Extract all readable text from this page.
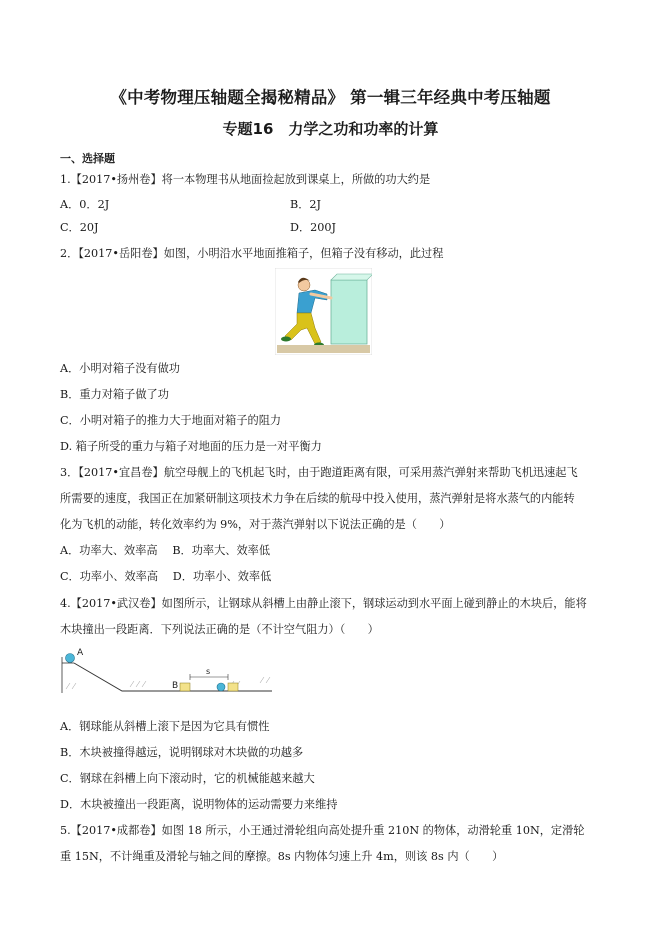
《中考物理压轴题全揭秘精品》 第一辑三年经典中考压轴题
专题16　力学之功和功率的计算
一、选择题
1.【2017•扬州卷】将一本物理书从地面捡起放到课桌上，所做的功大约是
A．0．2J	B．2J
C．20J	D．200J
2．【2017•岳阳卷】如图，小明沿水平地面推箱子，但箱子没有移动，此过程
A．小明对箱子没有做功
B．重力对箱子做了功
C．小明对箱子的推力大于地面对箱子的阻力
D. 箱子所受的重力与箱子对地面的压力是一对平衡力
3．【2017•宜昌卷】航空母舰上的飞机起飞时，由于跑道距离有限，可采用蒸汽弹射来帮助飞机迅速起飞
所需要的速度，我国正在加紧研制这项技术力争在后续的航母中投入使用，蒸汽弹射是将水蒸气的内能转
化为飞机的动能，转化效率约为 9%，对于蒸汽弹射以下说法正确的是（　　）
A．功率大、效率高　 B．功率大、效率低
C．功率小、效率高　 D．功率小、效率低
4.【2017•武汉卷】如图所示，让钢球从斜槽上由静止滚下，钢球运动到水平面上碰到静止的木块后，能将
木块撞出一段距离．下列说法正确的是（不计空气阻力）（　　）
A
B
s
A．钢球能从斜槽上滚下是因为它具有惯性
B．木块被撞得越远，说明钢球对木块做的功越多
C．钢球在斜槽上向下滚动时，它的机械能越来越大
D．木块被撞出一段距离，说明物体的运动需要力来维持
5.【2017•成都卷】如图 18 所示，小王通过滑轮组向高处提升重 210N 的物体，动滑轮重 10N，定滑轮
重 15N，不计绳重及滑轮与轴之间的摩擦。8s 内物体匀速上升 4m，则该 8s 内（　　）
